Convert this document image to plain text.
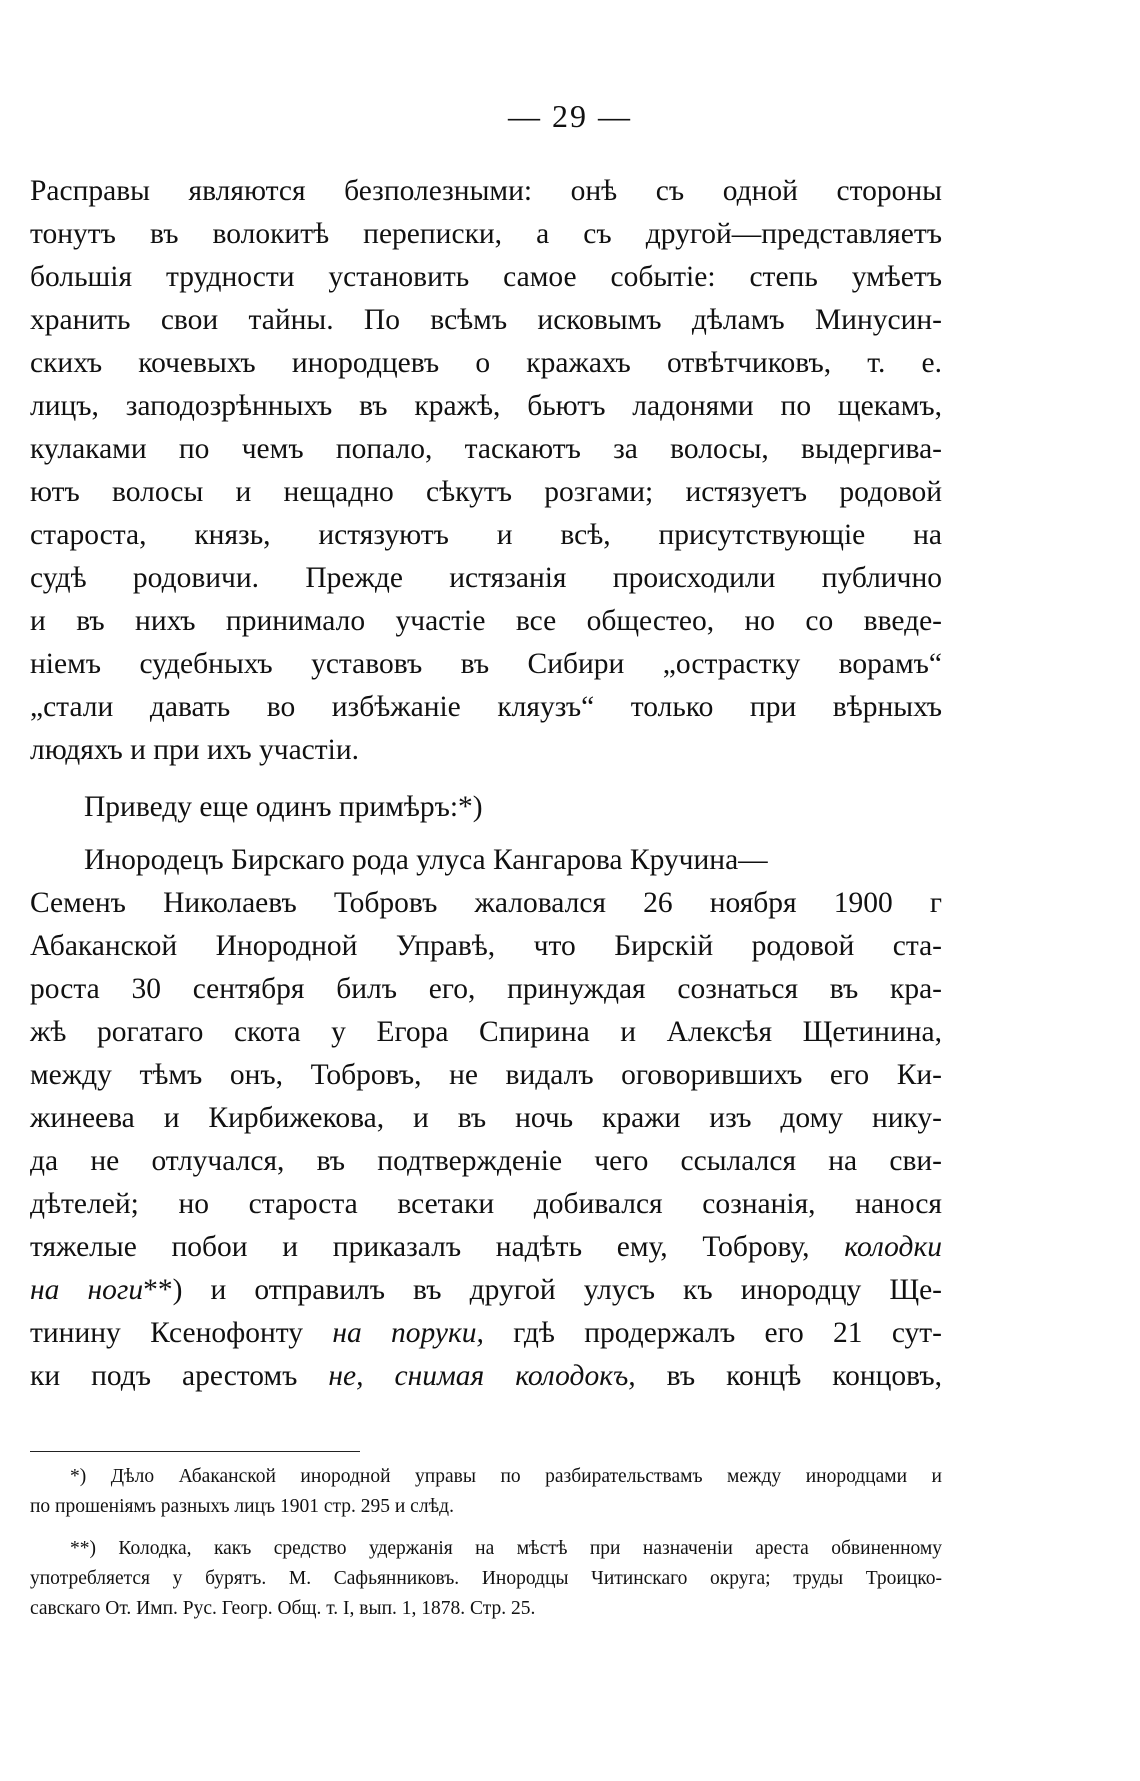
— 29 —
Расправы являются безполезными: онѣ съ одной стороны
тонутъ въ волокитѣ переписки, а съ другой—представляетъ
большія трудности установить самое событіе: степь умѣетъ
хранить свои тайны. По всѣмъ исковымъ дѣламъ Минусин-
скихъ кочевыхъ инородцевъ о кражахъ отвѣтчиковъ, т. е.
лицъ, заподозрѣнныхъ въ кражѣ, бьютъ ладонями по щекамъ,
кулаками по чемъ попало, таскаютъ за волосы, выдергива-
ютъ волосы и нещадно сѣкутъ розгами; истязуетъ родовой
староста, князь, истязуютъ и всѣ, присутствующіе на
судѣ родовичи. Прежде истязанія происходили публично
и въ нихъ принимало участіе все общестео, но со введе-
ніемъ судебныхъ уставовъ въ Сибири „острастку ворамъ“
„стали давать во избѣжаніе кляузъ“ только при вѣрныхъ
людяхъ и при ихъ участіи.
Приведу еще одинъ примѣръ:*)
Инородецъ Бирскаго рода улуса Кангарова Кручина—
Семенъ Николаевъ Тобровъ жаловался 26 ноября 1900 г
Абаканской Инородной Управѣ, что Бирскій родовой ста-
роста 30 сентября билъ его, принуждая сознаться въ кра-
жѣ рогатаго скота у Егора Спирина и Алексѣя Щетинина,
между тѣмъ онъ, Тобровъ, не видалъ оговорившихъ его Ки-
жинеева и Кирбижекова, и въ ночь кражи изъ дому нику-
да не отлучался, въ подтвержденіе чего ссылался на сви-
дѣтелей; но староста всетаки добивался сознанія, нанося
тяжелые побои и приказалъ надѣть ему, Тоброву, колодки
на ноги**) и отправилъ въ другой улусъ къ инородцу Ще-
тинину Ксенофонту на поруки, гдѣ продержалъ его 21 сут-
ки подъ арестомъ не, снимая колодокъ, въ концѣ концовъ,
*) Дѣло Абаканской инородной управы по разбирательствамъ между инородцами и
по прошеніямъ разныхъ лицъ 1901 стр. 295 и слѣд.
**) Колодка, какъ средство удержанія на мѣстѣ при назначеніи ареста обвиненному
употребляется у бурятъ. М. Сафьянниковъ. Инородцы Читинскаго округа; труды Троицко-
савскаго От. Имп. Рус. Геогр. Общ. т. I, вып. 1, 1878. Стр. 25.
